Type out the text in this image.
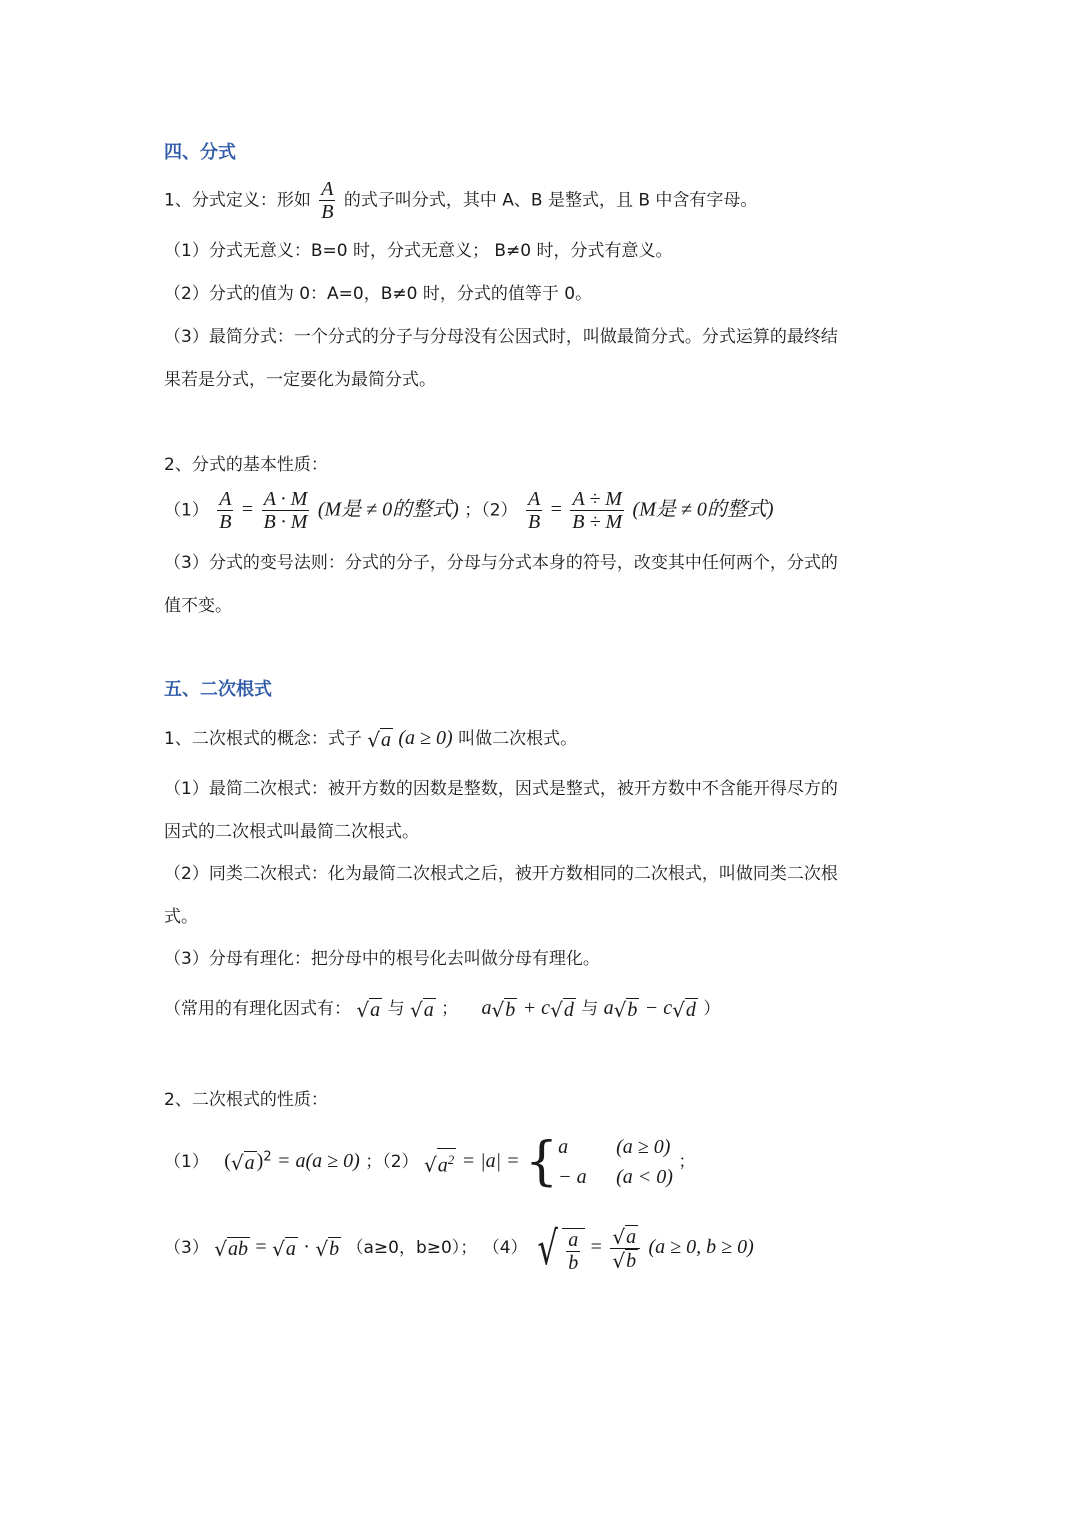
四、分式
1、分式定义：形如 $\frac{A}{B}$ 的式子叫分式，其中 A、B 是整式，且 B 中含有字母。
（1）分式无意义：B=0 时，分式无意义； B≠0 时，分式有意义。
（2）分式的值为 0：A=0，B≠0 时，分式的值等于 0。
（3）最简分式：一个分式的分子与分母没有公因式时，叫做最简分式。分式运算的最终结
果若是分式，一定要化为最简分式。
2、分式的基本性质：
$(1) \frac{A}{B} = \frac{A \cdot M}{B \cdot M} (M$是 ≠ 0的整式) ；$(2) \frac{A}{B} = \frac{A \div M}{B \div M} (M$是 ≠ 0的整式)
（3）分式的变号法则：分式的分子，分母与分式本身的符号，改变其中任何两个，分式的
值不变。
五、二次根式
1、二次根式的概念：式子 √ a (a ≥ 0) 叫做二次根式。
（1）最简二次根式：被开方数的因数是整数，因式是整式，被开方数中不含能开得尽方的
因式的二次根式叫最简二次根式。
（2）同类二次根式：化为最简二次根式之后，被开方数相同的二次根式，叫做同类二次根
式。
（3）分母有理化：把分母中的根号化去叫做分母有理化。
（常用的有理化因式有： √ a 与 √ a ； a √ b + c √ d 与 a √ b − c √ d ）
2、二次根式的性质：
（1） ( √ a )$^2$ = a(a ≥ 0) ；（2） √ $a^2 = |a|$ = { a (a ≥ 0)
− a (a < 0)
；
（3） √ ab = √ a · √ b （a≥0，b≥0）； （4） √ $\frac{a}{b} = \frac{√ a}{√ b} (a \ge 0$, b ≥ 0)
